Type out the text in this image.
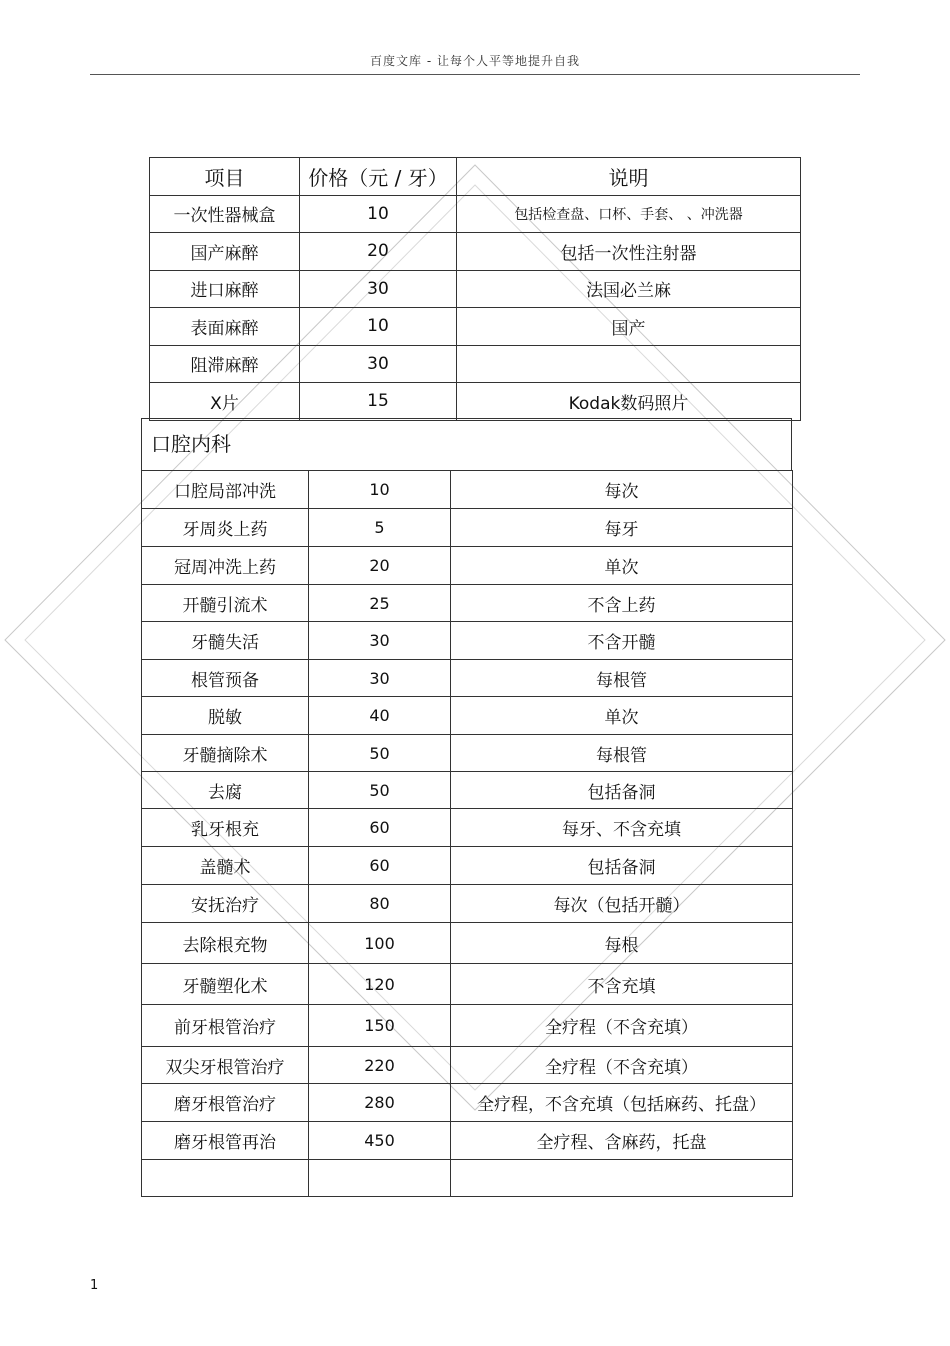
百度文库 - 让每个人平等地提升自我
项目	价格（元 / 牙）	说明
一次性器械盒	10	包括检查盘、口杯、手套、 、冲洗器
国产麻醉	20	包括一次性注射器
进口麻醉	30	法国必兰麻
表面麻醉	10	国产
阻滞麻醉	30	
X片	15	Kodak数码照片
口腔内科
口腔局部冲洗	10	每次
牙周炎上药	5	每牙
冠周冲洗上药	20	单次
开髓引流术	25	不含上药
牙髓失活	30	不含开髓
根管预备	30	每根管
脱敏	40	单次
牙髓摘除术	50	每根管
去腐	50	包括备洞
乳牙根充	60	每牙、不含充填
盖髓术	60	包括备洞
安抚治疗	80	每次（包括开髓）
去除根充物	100	每根
牙髓塑化术	120	不含充填
前牙根管治疗	150	全疗程（不含充填）
双尖牙根管治疗	220	全疗程（不含充填）
磨牙根管治疗	280	全疗程，不含充填（包括麻药、托盘）
磨牙根管再治	450	全疗程、含麻药，托盘

1
